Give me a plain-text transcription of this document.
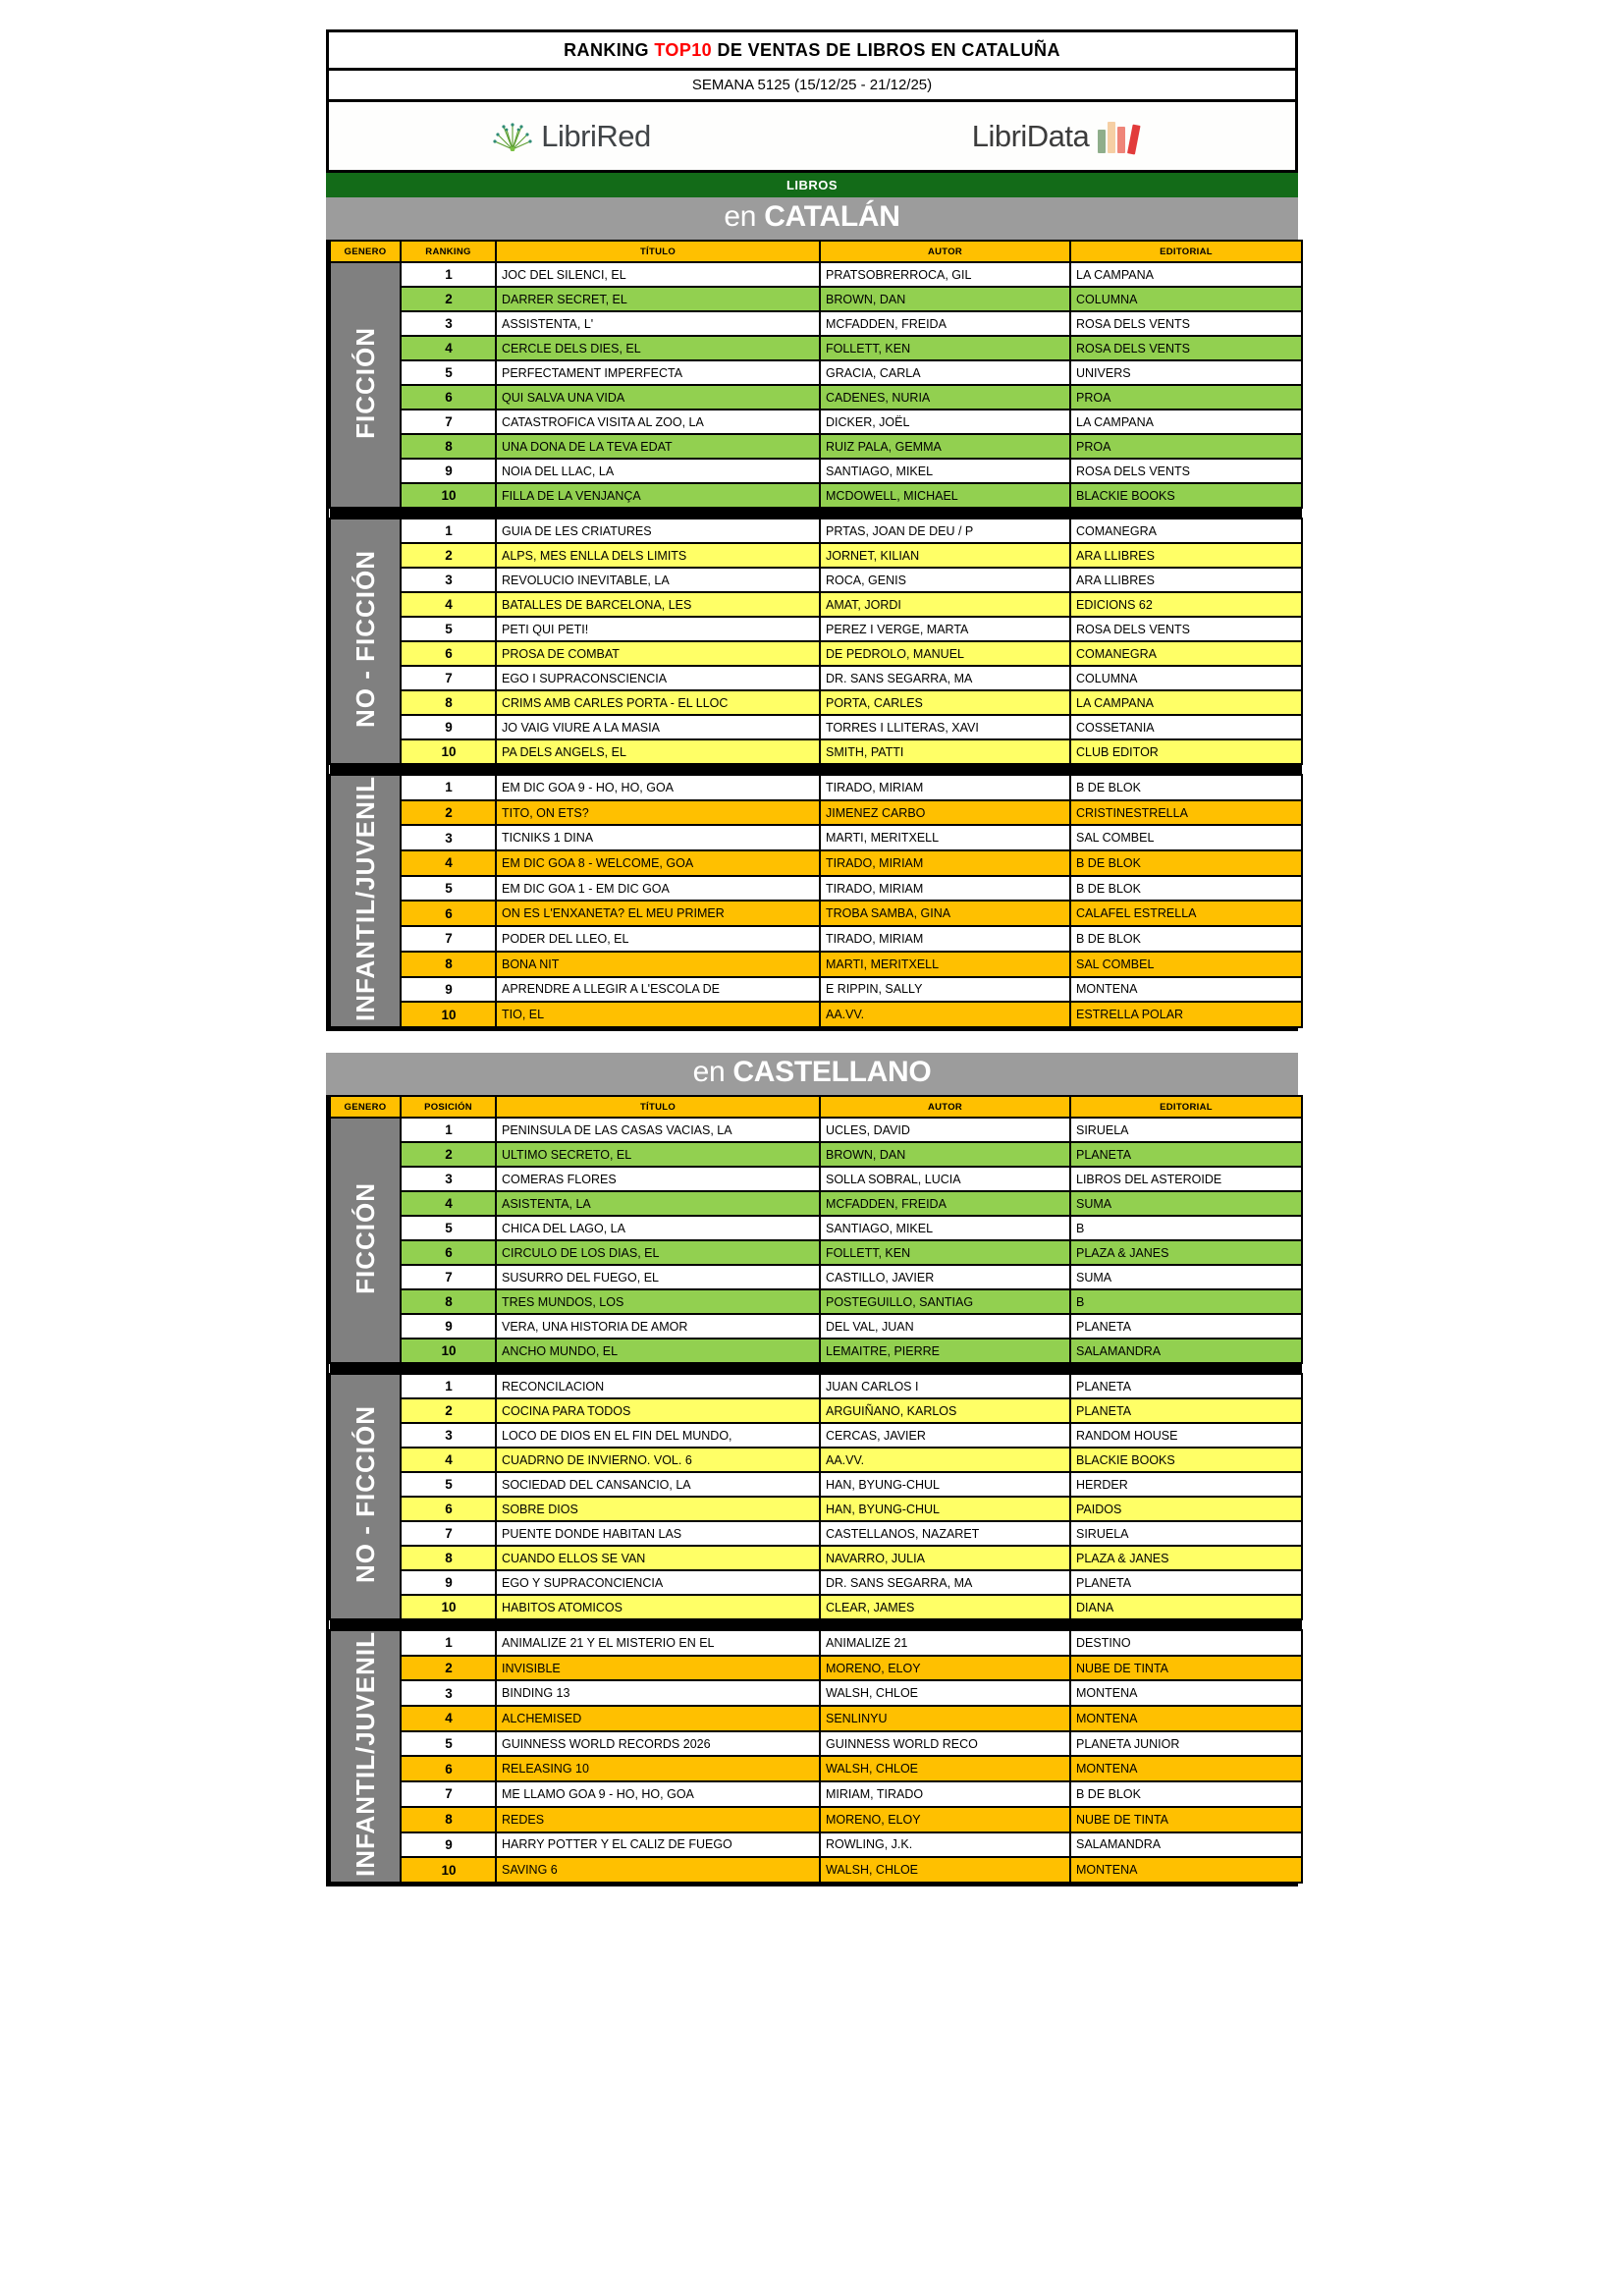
RANKING TOP10 DE VENTAS DE LIBROS EN CATALUÑA
SEMANA 5125 (15/12/25 - 21/12/25)
LibriRed	LibriData
LIBROS
en CATALÁN
GENERO	RANKING	TÍTULO	AUTOR	EDITORIAL
FICCIÓN	1	JOC DEL SILENCI, EL	PRATSOBRERROCA, GIL	LA CAMPANA
	2	DARRER SECRET, EL	BROWN, DAN	COLUMNA
	3	ASSISTENTA, L'	MCFADDEN, FREIDA	ROSA DELS VENTS
	4	CERCLE DELS DIES, EL	FOLLETT, KEN	ROSA DELS VENTS
	5	PERFECTAMENT IMPERFECTA	GRACIA, CARLA	UNIVERS
	6	QUI SALVA UNA VIDA	CADENES, NURIA	PROA
	7	CATASTROFICA VISITA AL ZOO, LA	DICKER, JOËL	LA CAMPANA
	8	UNA DONA DE LA TEVA EDAT	RUIZ PALA, GEMMA	PROA
	9	NOIA DEL LLAC, LA	SANTIAGO, MIKEL	ROSA DELS VENTS
	10	FILLA DE LA VENJANÇA	MCDOWELL, MICHAEL	BLACKIE BOOKS

NO - FICCIÓN	1	GUIA DE LES CRIATURES	PRTAS, JOAN DE DEU / P	COMANEGRA
	2	ALPS, MES ENLLA DELS LIMITS	JORNET, KILIAN	ARA LLIBRES
	3	REVOLUCIO INEVITABLE, LA	ROCA, GENIS	ARA LLIBRES
	4	BATALLES DE BARCELONA, LES	AMAT, JORDI	EDICIONS 62
	5	PETI QUI PETI!	PEREZ I VERGE, MARTA	ROSA DELS VENTS
	6	PROSA DE COMBAT	DE PEDROLO, MANUEL	COMANEGRA
	7	EGO I SUPRACONSCIENCIA	DR. SANS SEGARRA, MA	COLUMNA
	8	CRIMS AMB CARLES PORTA - EL LLOC	PORTA, CARLES	LA CAMPANA
	9	JO VAIG VIURE A LA MASIA	TORRES I LLITERAS, XAVI	COSSETANIA
	10	PA DELS ANGELS, EL	SMITH, PATTI	CLUB EDITOR

INFANTIL/JUVENIL	1	EM DIC GOA 9 - HO, HO, GOA	TIRADO, MIRIAM	B DE BLOK
	2	TITO, ON ETS?	JIMENEZ CARBO	CRISTINESTRELLA
	3	TICNIKS 1 DINA	MARTI, MERITXELL	SAL COMBEL
	4	EM DIC GOA 8 - WELCOME, GOA	TIRADO, MIRIAM	B DE BLOK
	5	EM DIC GOA 1 - EM DIC GOA	TIRADO, MIRIAM	B DE BLOK
	6	ON ES L'ENXANETA? EL MEU PRIMER	TROBA SAMBA, GINA	CALAFEL ESTRELLA
	7	PODER DEL LLEO, EL	TIRADO, MIRIAM	B DE BLOK
	8	BONA NIT	MARTI, MERITXELL	SAL COMBEL
	9	APRENDRE A LLEGIR A L'ESCOLA DE	E RIPPIN, SALLY	MONTENA
	10	TIO, EL	AA.VV.	ESTRELLA POLAR
en CASTELLANO
GENERO	POSICIÓN	TÍTULO	AUTOR	EDITORIAL
FICCIÓN	1	PENINSULA DE LAS CASAS VACIAS, LA	UCLES, DAVID	SIRUELA
	2	ULTIMO SECRETO, EL	BROWN, DAN	PLANETA
	3	COMERAS FLORES	SOLLA SOBRAL, LUCIA	LIBROS DEL ASTEROIDE
	4	ASISTENTA, LA	MCFADDEN, FREIDA	SUMA
	5	CHICA DEL LAGO, LA	SANTIAGO, MIKEL	B
	6	CIRCULO DE LOS DIAS, EL	FOLLETT, KEN	PLAZA & JANES
	7	SUSURRO DEL FUEGO, EL	CASTILLO, JAVIER	SUMA
	8	TRES MUNDOS, LOS	POSTEGUILLO, SANTIAG	B
	9	VERA, UNA HISTORIA DE AMOR	DEL VAL, JUAN	PLANETA
	10	ANCHO MUNDO, EL	LEMAITRE, PIERRE	SALAMANDRA

NO - FICCIÓN	1	RECONCILACION	JUAN CARLOS I	PLANETA
	2	COCINA PARA TODOS	ARGUIÑANO, KARLOS	PLANETA
	3	LOCO DE DIOS EN EL FIN DEL MUNDO,	CERCAS, JAVIER	RANDOM HOUSE
	4	CUADRNO DE INVIERNO. VOL. 6	AA.VV.	BLACKIE BOOKS
	5	SOCIEDAD DEL CANSANCIO, LA	HAN, BYUNG-CHUL	HERDER
	6	SOBRE DIOS	HAN, BYUNG-CHUL	PAIDOS
	7	PUENTE DONDE HABITAN LAS	CASTELLANOS, NAZARET	SIRUELA
	8	CUANDO ELLOS SE VAN	NAVARRO, JULIA	PLAZA & JANES
	9	EGO Y SUPRACONCIENCIA	DR. SANS SEGARRA, MA	PLANETA
	10	HABITOS ATOMICOS	CLEAR, JAMES	DIANA

INFANTIL/JUVENIL	1	ANIMALIZE 21 Y EL MISTERIO EN EL	ANIMALIZE 21	DESTINO
	2	INVISIBLE	MORENO, ELOY	NUBE DE TINTA
	3	BINDING 13	WALSH, CHLOE	MONTENA
	4	ALCHEMISED	SENLINYU	MONTENA
	5	GUINNESS WORLD RECORDS 2026	GUINNESS WORLD RECO	PLANETA JUNIOR
	6	RELEASING 10	WALSH, CHLOE	MONTENA
	7	ME LLAMO GOA 9 - HO, HO, GOA	MIRIAM, TIRADO	B DE BLOK
	8	REDES	MORENO, ELOY	NUBE DE TINTA
	9	HARRY POTTER Y EL CALIZ DE FUEGO	ROWLING, J.K.	SALAMANDRA
	10	SAVING 6	WALSH, CHLOE	MONTENA
